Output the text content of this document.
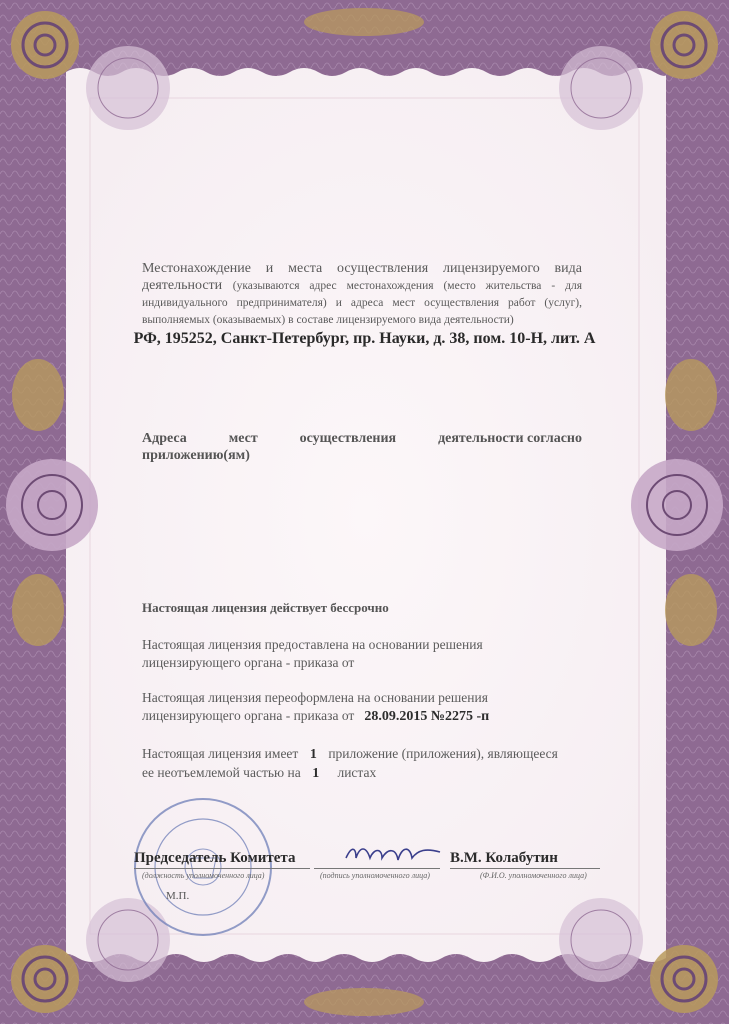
Местонахождение и места осуществления лицензируемого вида
деятельности (указываются адрес местонахождения (место жительства - для
индивидуального предпринимателя) и адреса мест осуществления работ (услуг),
выполняемых (оказываемых) в составе лицензируемого вида деятельности)
РФ, 195252, Санкт-Петербург, пр. Науки, д. 38, пом. 10-Н, лит. А
Адреса	мест	осуществления	деятельности согласно
приложению(ям)
Настоящая лицензия действует бессрочно
Настоящая лицензия предоставлена на основании решения
лицензирующего органа - приказа от
Настоящая лицензия переоформлена на основании решения
лицензирующего органа - приказа от 28.09.2015 №2275 -п
Настоящая лицензия имеет 1 приложение (приложения), являющееся
ее неотъемлемой частью на 1 листах
Председатель Комитета	В.М. Колабутин
(должность уполномоченного лица)	(подпись уполномоченного лица)	(Ф.И.О. уполномоченного лица)
М.П.
